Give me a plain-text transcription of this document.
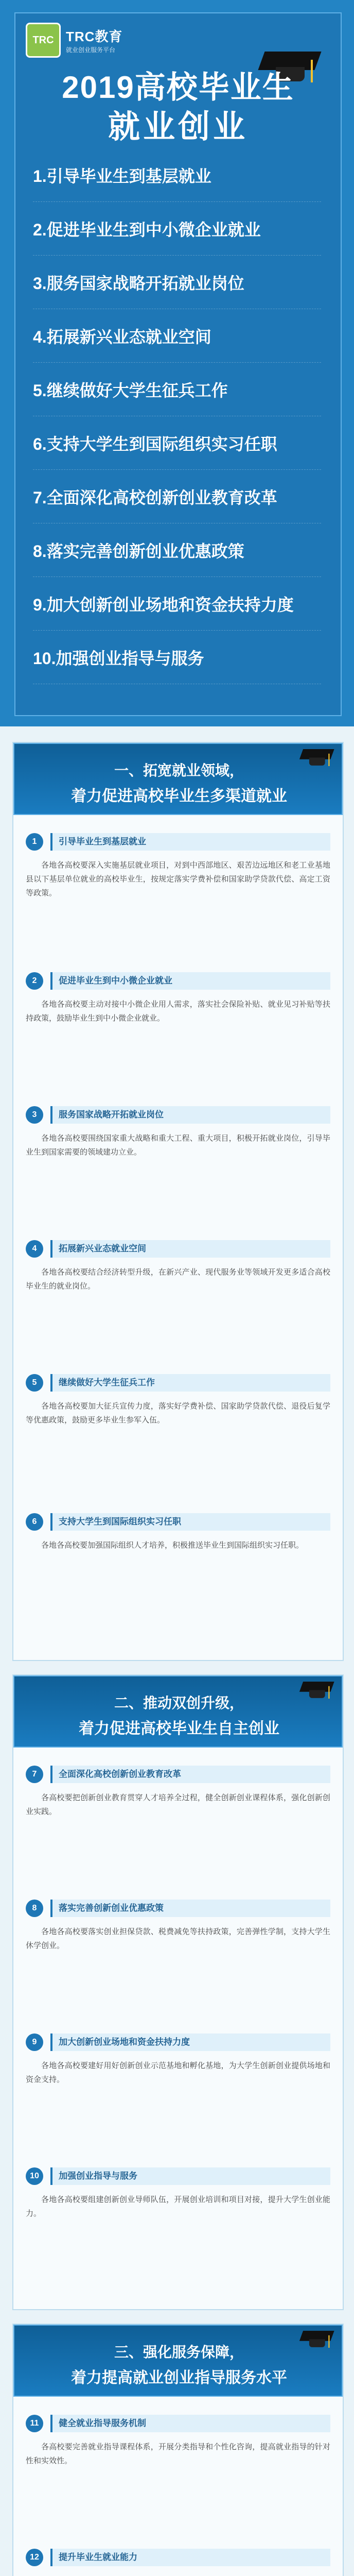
TRC TRC教育
就业创业服务平台
2019高校毕业生
就业创业
1.引导毕业生到基层就业
2.促进毕业生到中小微企业就业
3.服务国家战略开拓就业岗位
4.拓展新兴业态就业空间
5.继续做好大学生征兵工作
6.支持大学生到国际组织实习任职
7.全面深化高校创新创业教育改革
8.落实完善创新创业优惠政策
9.加大创新创业场地和资金扶持力度
10.加强创业指导与服务
一、拓宽就业领域，
着力促进高校毕业生多渠道就业
1	引导毕业生到基层就业
各地各高校要深入实施基层就业项目，对到中西部地区、艰苦边远地区和老工业基地县以下基层单位就业的高校毕业生，按规定落实学费补偿和国家助学贷款代偿、高定工资等政策。
2	促进毕业生到中小微企业就业
各地各高校要主动对接中小微企业用人需求，落实社会保险补贴、就业见习补贴等扶持政策，鼓励毕业生到中小微企业就业。
3	服务国家战略开拓就业岗位
各地各高校要围绕国家重大战略和重大工程、重大项目，积极开拓就业岗位，引导毕业生到国家需要的领域建功立业。
4	拓展新兴业态就业空间
各地各高校要结合经济转型升级，在新兴产业、现代服务业等领域开发更多适合高校毕业生的就业岗位。
5	继续做好大学生征兵工作
各地各高校要加大征兵宣传力度，落实好学费补偿、国家助学贷款代偿、退役后复学等优惠政策，鼓励更多毕业生参军入伍。
6	支持大学生到国际组织实习任职
各地各高校要加强国际组织人才培养，积极推送毕业生到国际组织实习任职。
二、推动双创升级，
着力促进高校毕业生自主创业
7	全面深化高校创新创业教育改革
各高校要把创新创业教育贯穿人才培养全过程，健全创新创业课程体系，强化创新创业实践。
8	落实完善创新创业优惠政策
各地各高校要落实创业担保贷款、税费减免等扶持政策，完善弹性学制，支持大学生休学创业。
9	加大创新创业场地和资金扶持力度
各地各高校要建好用好创新创业示范基地和孵化基地，为大学生创新创业提供场地和资金支持。
10	加强创业指导与服务
各地各高校要组建创新创业导师队伍，开展创业培训和项目对接，提升大学生创业能力。
三、强化服务保障，
着力提高就业创业指导服务水平
11	健全就业指导服务机制
各高校要完善就业指导课程体系，开展分类指导和个性化咨询，提高就业指导的针对性和实效性。
12	提升毕业生就业能力
